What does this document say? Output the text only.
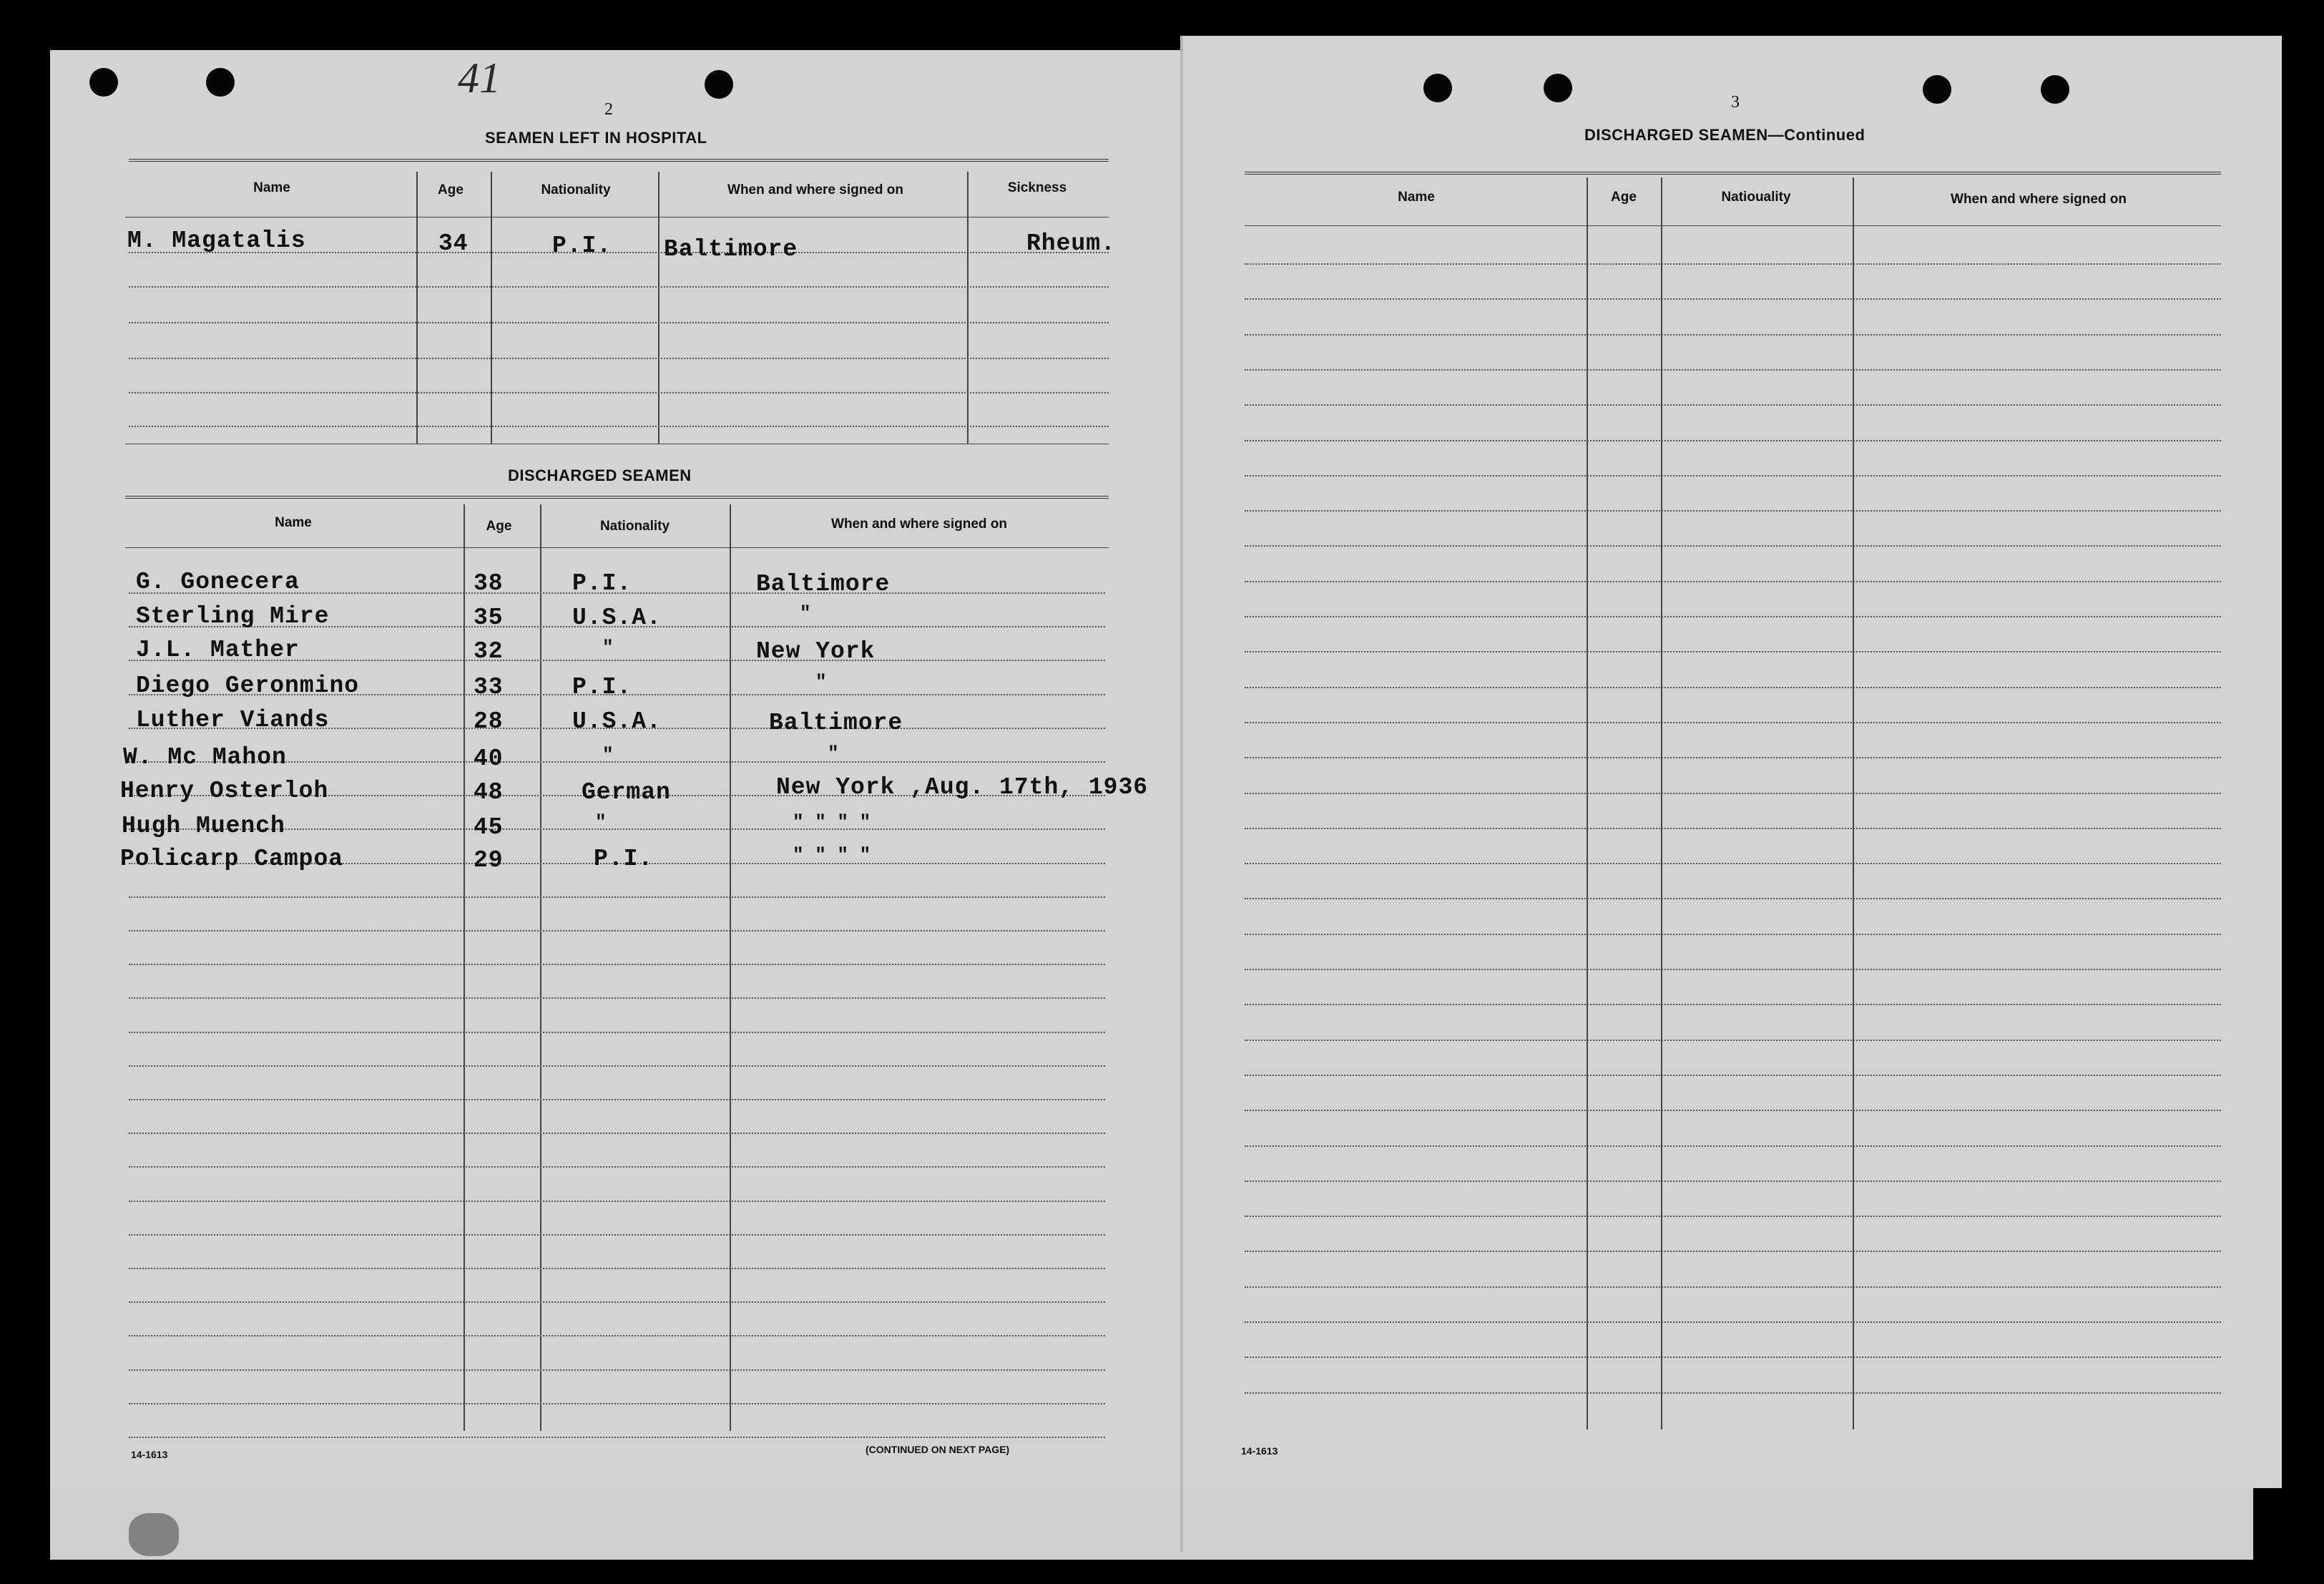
41
2
SEAMEN LEFT IN HOSPITAL
Name	Age	Nationality	When and where signed on	Sickness
M. Magatalis	34	P.I. Baltimore	Rheum.
DISCHARGED SEAMEN
Name	Age	Nationality	When and where signed on
G. Gonecera	38	P.I.	Baltimore
Sterling Mire	35	U.S.A.	"
J.L. Mather	32	"	New York
Diego Geronmino	33	P.I.	"
Luther Viands	28	U.S.A.	Baltimore
W. Mc Mahon	40	"	"
Henry Osterloh	48	German	New York ,Aug. 17th, 1936
Hugh Muench	45	"	" " " "
Policarp Campoa	29	P.I.	" " " "
14-1613	(CONTINUED ON NEXT PAGE)
3
DISCHARGED SEAMEN—Continued
Name	Age	Natiouality	When and where signed on
14-1613
